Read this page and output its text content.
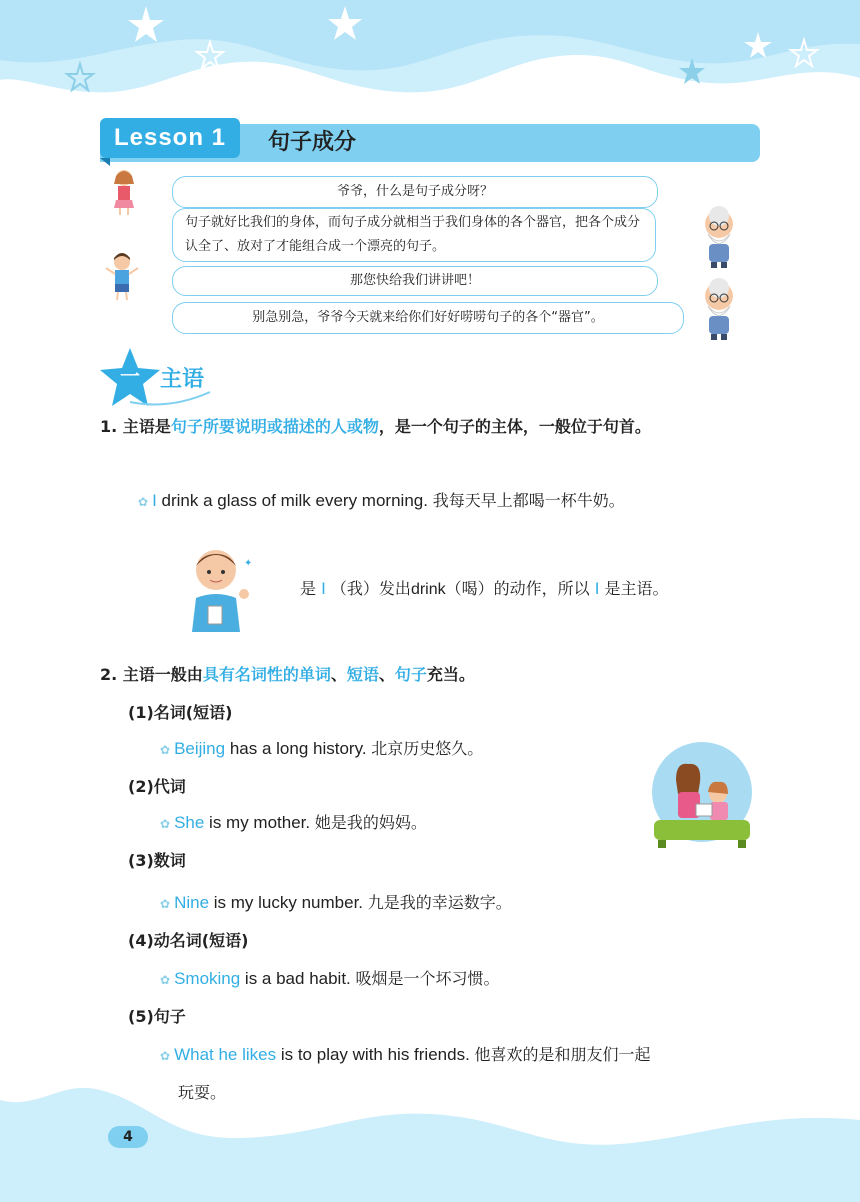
Lesson 1	句子成分
爷爷，什么是句子成分呀？
句子就好比我们的身体，而句子成分就相当于我们身体的各个器官，把各个成分认全了、放对了才能组合成一个漂亮的句子。
那您快给我们讲讲吧！
别急别急，爷爷今天就来给你们好好唠唠句子的各个“器官”。
一 主语
1. 主语是句子所要说明或描述的人或物，是一个句子的主体，一般位于句首。
✿ I drink a glass of milk every morning. 我每天早上都喝一杯牛奶。
✦
是 I （我）发出drink（喝）的动作，所以 I 是主语。
2. 主语一般由具有名词性的单词、短语、句子充当。
(1)名词(短语)
✿ Beijing has a long history. 北京历史悠久。
(2)代词
✿ She is my mother. 她是我的妈妈。
(3)数词
✿ Nine is my lucky number. 九是我的幸运数字。
(4)动名词(短语)
✿ Smoking is a bad habit. 吸烟是一个坏习惯。
(5)句子
✿ What he likes is to play with his friends. 他喜欢的是和朋友们一起
玩耍。
4
